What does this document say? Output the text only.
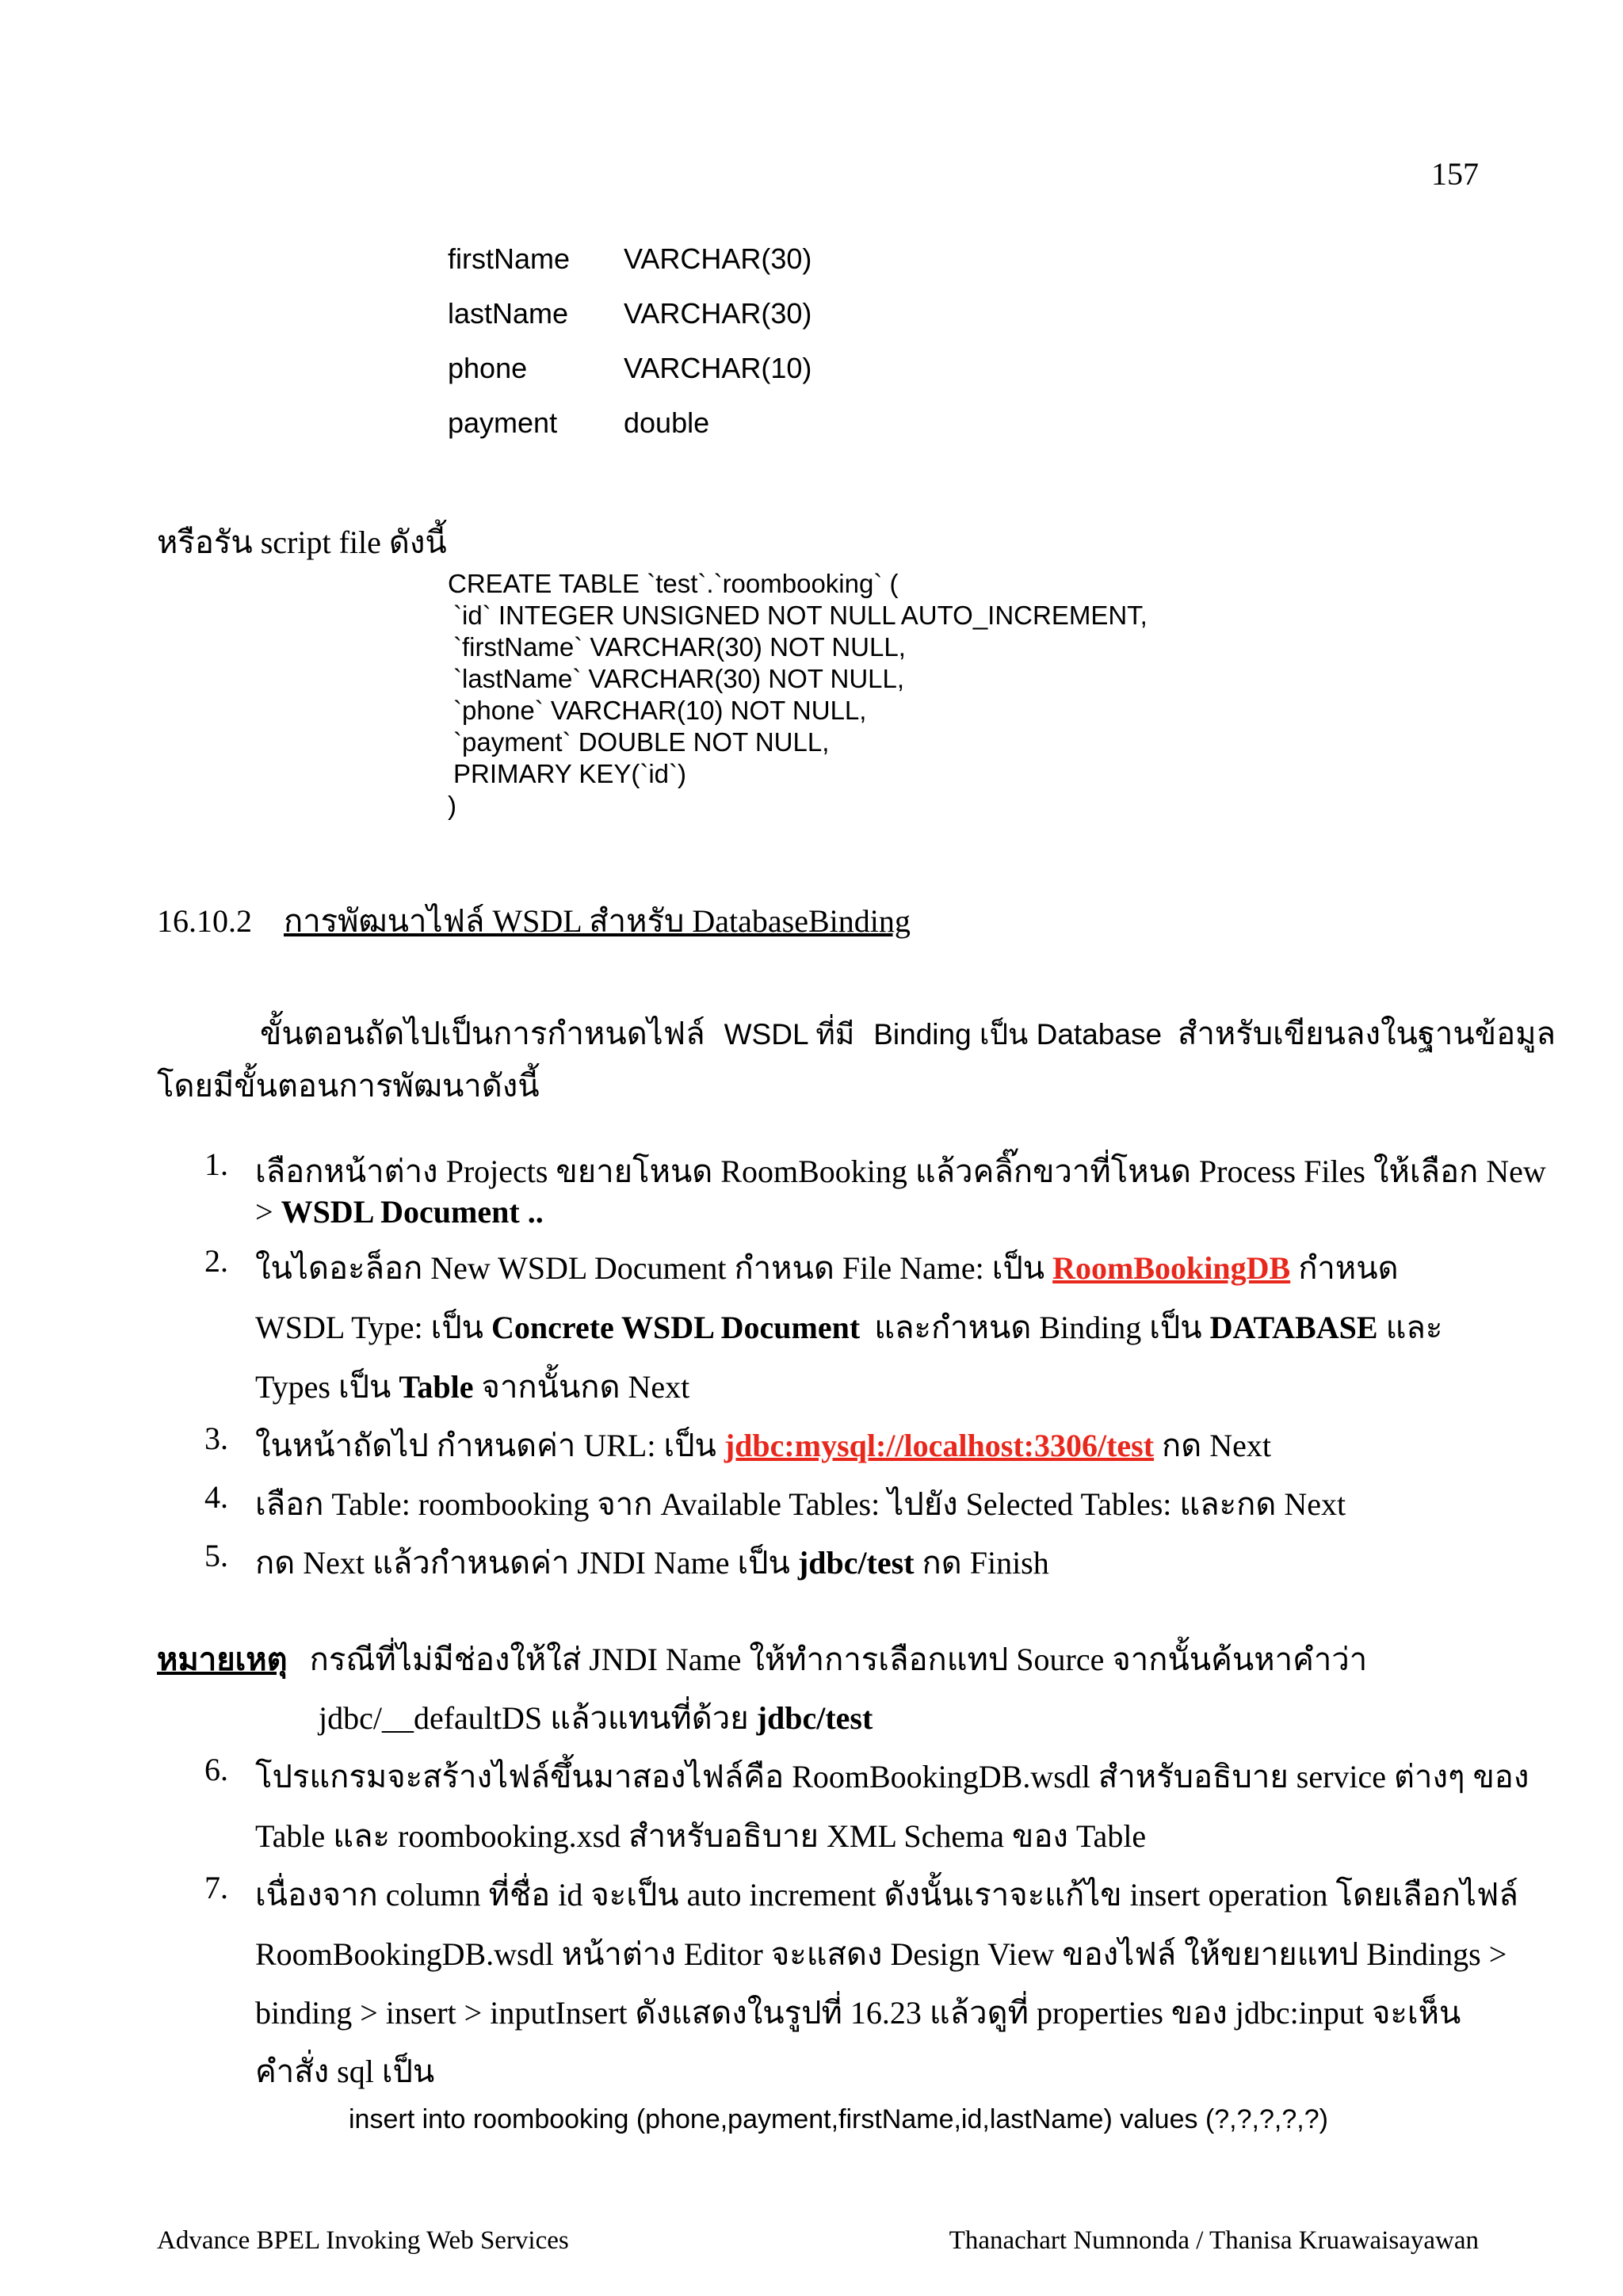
157
firstName VARCHAR(30)
lastName VARCHAR(30)
phone	VARCHAR(10)
payment double
หรือรัน script file ดังนี้
CREATE TABLE `test`.`roombooking` (
`id` INTEGER UNSIGNED NOT NULL AUTO_INCREMENT,
`firstName` VARCHAR(30) NOT NULL,
`lastName` VARCHAR(30) NOT NULL,
`phone` VARCHAR(10) NOT NULL,
`payment` DOUBLE NOT NULL,
PRIMARY KEY(`id`)
)
16.10.2 การพัฒนาไฟล์ WSDL สำหรับ DatabaseBinding
ขั้นตอนถัดไปเป็นการกำหนดไฟล์ WSDL ที่มี Binding เป็น Database สำหรับเขียนลงในฐานข้อมูล
โดยมีขั้นตอนการพัฒนาดังนี้
1. เลือกหน้าต่าง Projects ขยายโหนด RoomBooking แล้วคลิ๊กขวาที่โหนด Process Files ให้เลือก New
> WSDL Document ..
2. ในไดอะล็อก New WSDL Document กำหนด File Name: เป็น RoomBookingDB กำหนด
WSDL Type: เป็น Concrete WSDL Document และกำหนด Binding เป็น DATABASE และ
Types เป็น Table จากนั้นกด Next
3. ในหน้าถัดไป กำหนดค่า URL: เป็น jdbc:mysql://localhost:3306/test กด Next
4. เลือก Table: roombooking จาก Available Tables: ไปยัง Selected Tables: และกด Next
5. กด Next แล้วกำหนดค่า JNDI Name เป็น jdbc/test กด Finish
หมายเหตุ กรณีที่ไม่มีช่องให้ใส่ JNDI Name ให้ทำการเลือกแทป Source จากนั้นค้นหาคำว่า
jdbc/__defaultDS แล้วแทนที่ด้วย jdbc/test
6. โปรแกรมจะสร้างไฟล์ขึ้นมาสองไฟล์คือ RoomBookingDB.wsdl สำหรับอธิบาย service ต่างๆ ของ
Table และ roombooking.xsd สำหรับอธิบาย XML Schema ของ Table
7. เนื่องจาก column ที่ชื่อ id จะเป็น auto increment ดังนั้นเราจะแก้ไข insert operation โดยเลือกไฟล์
RoomBookingDB.wsdl หน้าต่าง Editor จะแสดง Design View ของไฟล์ ให้ขยายแทป Bindings >
binding > insert > inputInsert ดังแสดงในรูปที่ 16.23 แล้วดูที่ properties ของ jdbc:input จะเห็น
คำสั่ง sql เป็น
insert into roombooking (phone,payment,firstName,id,lastName) values (?,?,?,?,?)
Advance BPEL Invoking Web Services	Thanachart Numnonda / Thanisa Kruawaisayawan
